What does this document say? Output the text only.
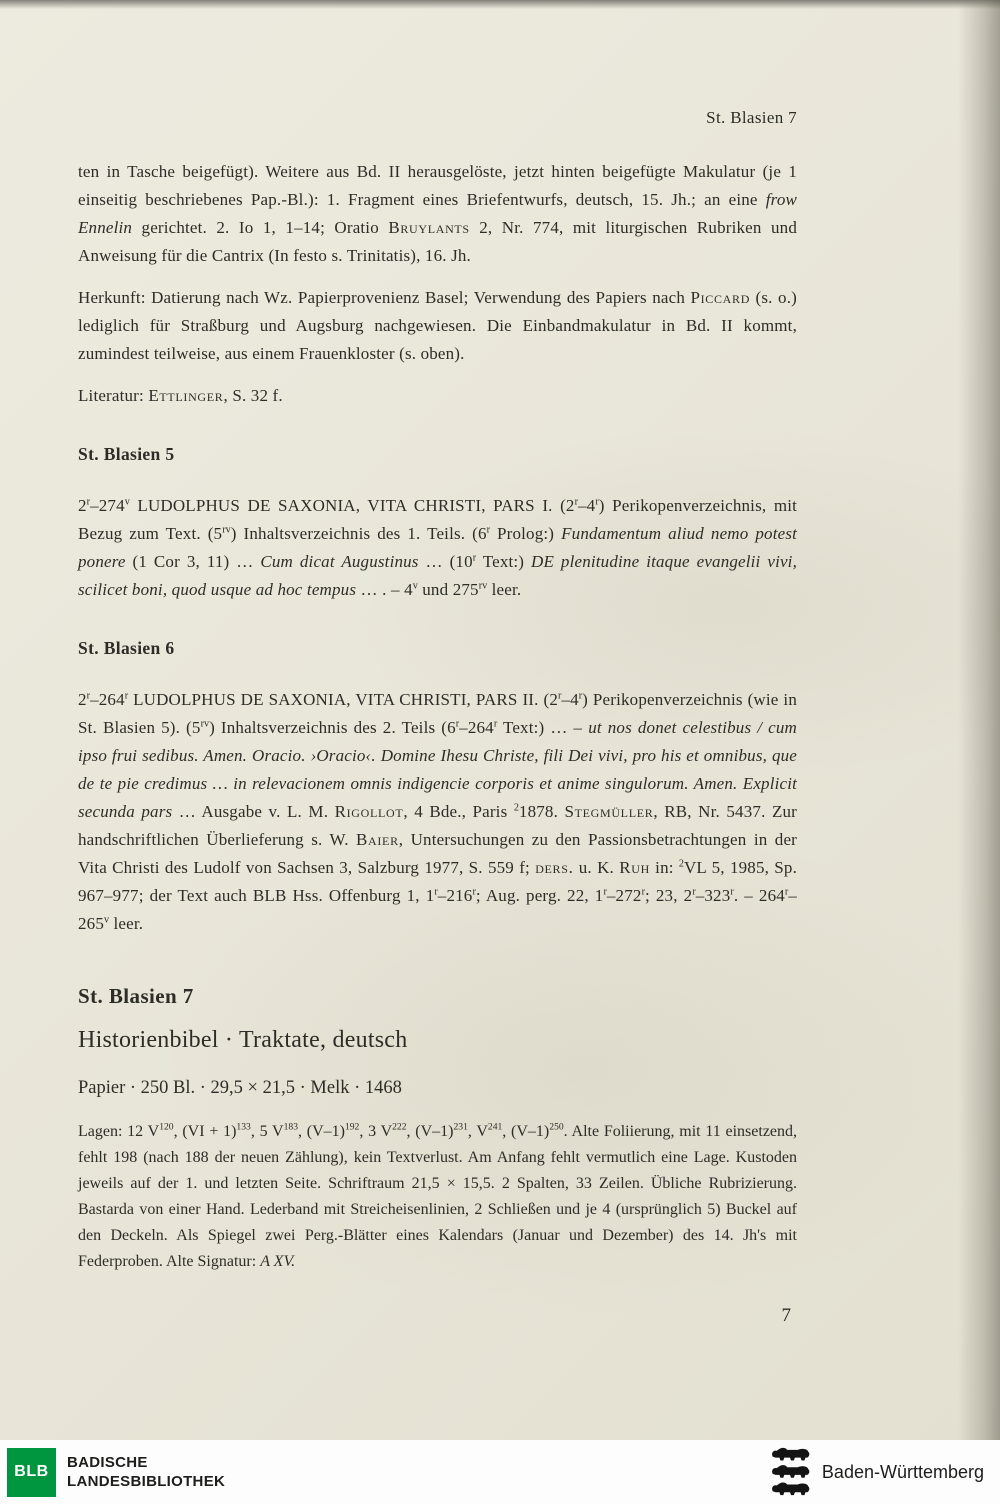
St. Blasien 7

ten in Tasche beigefügt). Weitere aus Bd. II herausgelöste, jetzt hinten beigefügte Makulatur (je 1 einseitig beschriebenes Pap.-Bl.): 1. Fragment eines Briefentwurfs, deutsch, 15. Jh.; an eine frow Ennelin gerichtet. 2. Io 1, 1–14; Oratio Bruylants 2, Nr. 774, mit liturgischen Rubriken und Anweisung für die Cantrix (In festo s. Trinitatis), 16. Jh.

Herkunft: Datierung nach Wz. Papierprovenienz Basel; Verwendung des Papiers nach Piccard (s. o.) lediglich für Straßburg und Augsburg nachgewiesen. Die Einbandmakulatur in Bd. II kommt, zumindest teilweise, aus einem Frauenkloster (s. oben).

Literatur: Ettlinger, S. 32 f.

St. Blasien 5

2$^r$–274$^v$ LUDOLPHUS DE SAXONIA, VITA CHRISTI, PARS I. (2$^r$–4$^r$) Perikopenverzeichnis, mit Bezug zum Text. $(5^{rv})$ Inhaltsverzeichnis des 1. Teils. (6$^r$ Prolog:) Fundamentum aliud nemo potest ponere (1 Cor 3, 11) … Cum dicat Augustinus … (10$^r$ Text:) DE plenitudine itaque evangelii vivi, scilicet boni, quod usque ad hoc tempus … . – 4$^v$ und $275^{rv}$ leer.

St. Blasien 6

2$^r$–264$^r$ LUDOLPHUS DE SAXONIA, VITA CHRISTI, PARS II. (2$^r$–4$^r$) Perikopenverzeichnis (wie in St. Blasien 5). $(5^{rv})$ Inhaltsverzeichnis des 2. Teils (6$^r$–264$^r$ Text:) … – ut nos donet celestibus / cum ipso frui sedibus. Amen. Oracio. ›Oracio‹. Domine Ihesu Christe, fili Dei vivi, pro his et omnibus, que de te pie credimus … in relevacionem omnis indigencie corporis et anime singulorum. Amen. Explicit secunda pars … Ausgabe v. L. M. Rigollot, 4 Bde., Paris $^2$1878. Stegmüller, RB, Nr. 5437. Zur handschriftlichen Überlieferung s. W. Baier, Untersuchungen zu den Passionsbetrachtungen in der Vita Christi des Ludolf von Sachsen 3, Salzburg 1977, S. 559 f; ders. u. K. Ruh in: $^2$VL 5, 1985, Sp. 967–977; der Text auch BLB Hss. Offenburg 1, 1$^r$–216$^r$; Aug. perg. 22, 1$^r$–272$^r$; 23, 2$^r$–323$^r$. – 264$^r$–265$^v$ leer.

St. Blasien 7
Historienbibel · Traktate, deutsch
Papier · 250 Bl. · 29,5 × 21,5 · Melk · 1468

Lagen: 12 $V^{120}$, (VI + 1)$^{133}$, 5 $V^{183}$, $(V-1)^{192}$, 3 $V^{222}$, $(V-1)^{231}$, $V^{241}$, $(V-1)^{250}$. Alte Foliierung, mit 11 einsetzend, fehlt 198 (nach 188 der neuen Zählung), kein Textverlust. Am Anfang fehlt vermutlich eine Lage. Kustoden jeweils auf der 1. und letzten Seite. Schriftraum 21,5 × 15,5. 2 Spalten, 33 Zeilen. Übliche Rubrizierung. Bastarda von einer Hand. Lederband mit Streicheisenlinien, 2 Schließen und je 4 (ursprünglich 5) Buckel auf den Deckeln. Als Spiegel zwei Perg.-Blätter eines Kalendars (Januar und Dezember) des 14. Jh's mit Federproben. Alte Signatur: A XV.

7
BLB
BADISCHE
LANDESBIBLIOTHEK	Baden-Württemberg
